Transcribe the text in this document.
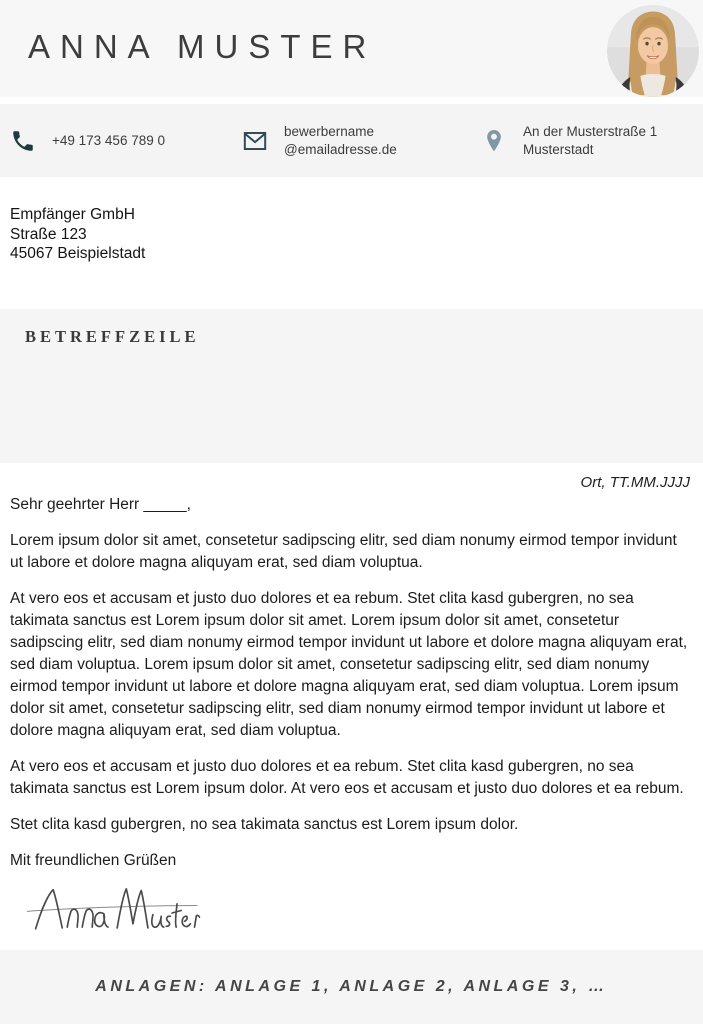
ANNA MUSTER
+49 173 456 789 0
bewerbername
@emailadresse.de
An der Musterstraße 1
Musterstadt
Empfänger GmbH
Straße 123
45067 Beispielstadt
BETREFFZEILE
Ort, TT.MM.JJJJ
Sehr geehrter Herr _____,

Lorem ipsum dolor sit amet, consetetur sadipscing elitr, sed diam nonumy eirmod tempor invidunt ut labore et dolore magna aliquyam erat, sed diam voluptua.

At vero eos et accusam et justo duo dolores et ea rebum. Stet clita kasd gubergren, no sea takimata sanctus est Lorem ipsum dolor sit amet. Lorem ipsum dolor sit amet, consetetur sadipscing elitr, sed diam nonumy eirmod tempor invidunt ut labore et dolore magna aliquyam erat, sed diam voluptua. Lorem ipsum dolor sit amet, consetetur sadipscing elitr, sed diam nonumy eirmod tempor invidunt ut labore et dolore magna aliquyam erat, sed diam voluptua. Lorem ipsum dolor sit amet, consetetur sadipscing elitr, sed diam nonumy eirmod tempor invidunt ut labore et dolore magna aliquyam erat, sed diam voluptua.

At vero eos et accusam et justo duo dolores et ea rebum. Stet clita kasd gubergren, no sea takimata sanctus est Lorem ipsum dolor. At vero eos et accusam et justo duo dolores et ea rebum.

Stet clita kasd gubergren, no sea takimata sanctus est Lorem ipsum dolor.

Mit freundlichen Grüßen
ANLAGEN: ANLAGE 1, ANLAGE 2, ANLAGE 3, …
